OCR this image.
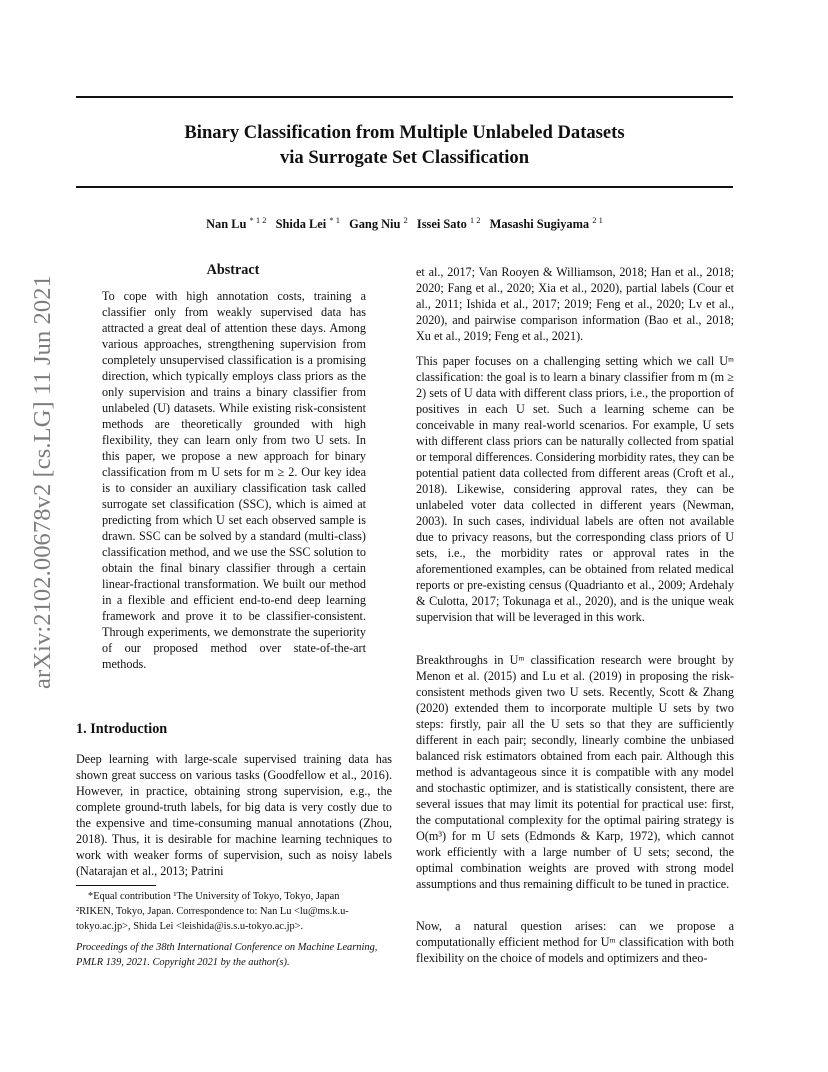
Binary Classification from Multiple Unlabeled Datasets
via Surrogate Set Classification
Nan Lu $^{* 1 2}$ Shida Lei $^{* 1}$ Gang Niu $^2$ Issei Sato $^{1 2}$ Masashi Sugiyama $^{2 1}$
arXiv:2102.00678v2 [cs.LG] 11 Jun 2021
Abstract

To cope with high annotation costs, training a classifier only from weakly supervised data has attracted a great deal of attention these days. Among various approaches, strengthening supervision from completely unsupervised classification is a promising direction, which typically employs class priors as the only supervision and trains a binary classifier from unlabeled (U) datasets. While existing risk-consistent methods are theoretically grounded with high flexibility, they can learn only from two U sets. In this paper, we propose a new approach for binary classification from m U sets for m ≥ 2. Our key idea is to consider an auxiliary classification task called surrogate set classification (SSC), which is aimed at predicting from which U set each observed sample is drawn. SSC can be solved by a standard (multi-class) classification method, and we use the SSC solution to obtain the final binary classifier through a certain linear-fractional transformation. We built our method in a flexible and efficient end-to-end deep learning framework and prove it to be classifier-consistent. Through experiments, we demonstrate the superiority of our proposed method over state-of-the-art methods.

1. Introduction

Deep learning with large-scale supervised training data has shown great success on various tasks (Goodfellow et al., 2016). However, in practice, obtaining strong supervision, e.g., the complete ground-truth labels, for big data is very costly due to the expensive and time-consuming manual annotations (Zhou, 2018). Thus, it is desirable for machine learning techniques to work with weaker forms of supervision, such as noisy labels (Natarajan et al., 2013; Patrini

*Equal contribution ¹The University of Tokyo, Tokyo, Japan
²RIKEN, Tokyo, Japan. Correspondence to: Nan Lu <lu@ms.k.u-tokyo.ac.jp>, Shida Lei <leishida@is.s.u-tokyo.ac.jp>.
Proceedings of the 38th International Conference on Machine Learning, PMLR 139, 2021. Copyright 2021 by the author(s).

et al., 2017; Van Rooyen & Williamson, 2018; Han et al., 2018; 2020; Fang et al., 2020; Xia et al., 2020), partial labels (Cour et al., 2011; Ishida et al., 2017; 2019; Feng et al., 2020; Lv et al., 2020), and pairwise comparison information (Bao et al., 2018; Xu et al., 2019; Feng et al., 2021).

This paper focuses on a challenging setting which we call Uᵐ classification: the goal is to learn a binary classifier from m (m ≥ 2) sets of U data with different class priors, i.e., the proportion of positives in each U set. Such a learning scheme can be conceivable in many real-world scenarios. For example, U sets with different class priors can be naturally collected from spatial or temporal differences. Considering morbidity rates, they can be potential patient data collected from different areas (Croft et al., 2018). Likewise, considering approval rates, they can be unlabeled voter data collected in different years (Newman, 2003). In such cases, individual labels are often not available due to privacy reasons, but the corresponding class priors of U sets, i.e., the morbidity rates or approval rates in the aforementioned examples, can be obtained from related medical reports or pre-existing census (Quadrianto et al., 2009; Ardehaly & Culotta, 2017; Tokunaga et al., 2020), and is the unique weak supervision that will be leveraged in this work.

Breakthroughs in Uᵐ classification research were brought by Menon et al. (2015) and Lu et al. (2019) in proposing the risk-consistent methods given two U sets. Recently, Scott & Zhang (2020) extended them to incorporate multiple U sets by two steps: firstly, pair all the U sets so that they are sufficiently different in each pair; secondly, linearly combine the unbiased balanced risk estimators obtained from each pair. Although this method is advantageous since it is compatible with any model and stochastic optimizer, and is statistically consistent, there are several issues that may limit its potential for practical use: first, the computational complexity for the optimal pairing strategy is O(m³) for m U sets (Edmonds & Karp, 1972), which cannot work efficiently with a large number of U sets; second, the optimal combination weights are proved with strong model assumptions and thus remaining difficult to be tuned in practice.

Now, a natural question arises: can we propose a computationally efficient method for Uᵐ classification with both flexibility on the choice of models and optimizers and theo-
